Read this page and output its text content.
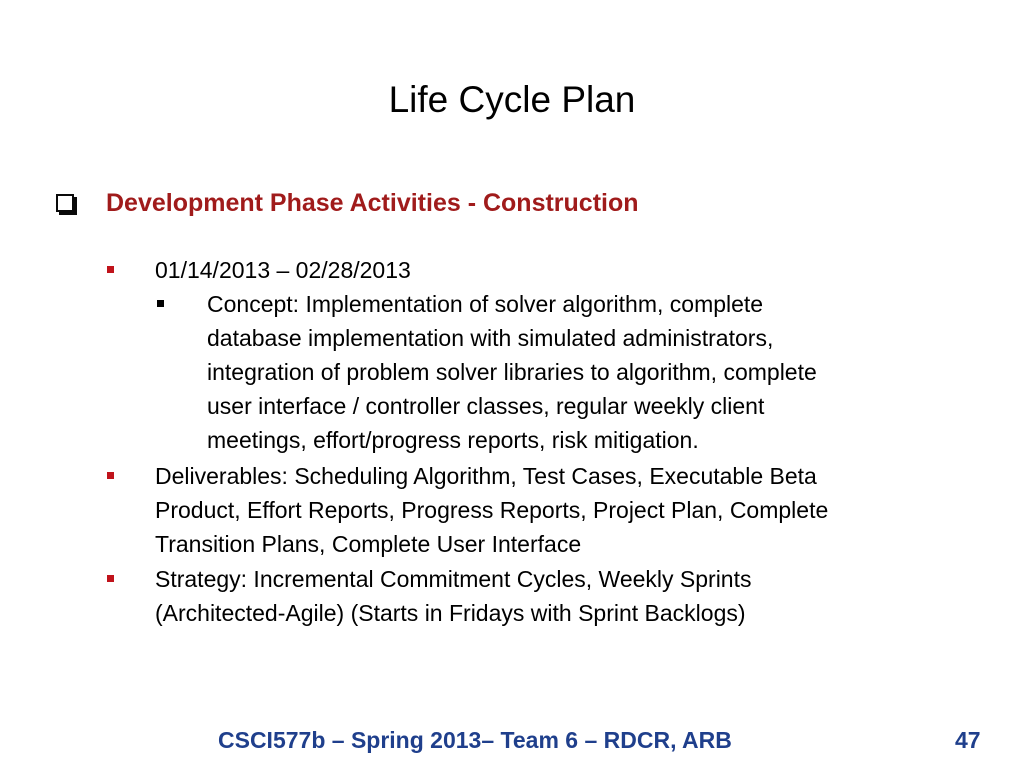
Life Cycle Plan
Development Phase Activities - Construction
01/14/2013 – 02/28/2013
Concept: Implementation of solver algorithm, complete
database implementation with simulated administrators,
integration of problem solver libraries to algorithm, complete
user interface / controller classes, regular weekly client
meetings, effort/progress reports, risk mitigation.
Deliverables: Scheduling Algorithm, Test Cases, Executable Beta
Product, Effort Reports, Progress Reports, Project Plan, Complete
Transition Plans, Complete User Interface
Strategy: Incremental Commitment Cycles, Weekly Sprints
(Architected-Agile) (Starts in Fridays with Sprint Backlogs)
CSCI577b – Spring 2013– Team 6 – RDCR, ARB	47
